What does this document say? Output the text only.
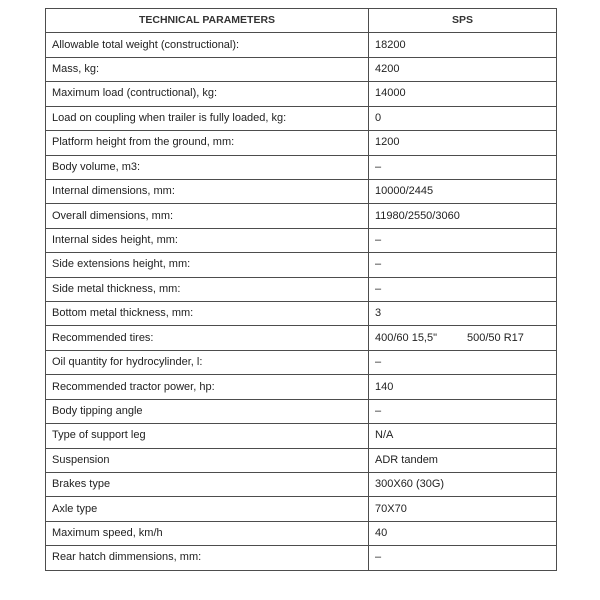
TECHNICAL PARAMETERS	SPS
Allowable total weight (constructional):	18200
Mass, kg:	4200
Maximum load (contructional), kg:	14000
Load on coupling when trailer is fully loaded, kg:	0
Platform height from the ground, mm:	1200
Body volume, m3:	–
Internal dimensions, mm:	10000/2445
Overall dimensions, mm:	11980/2550/3060
Internal sides height, mm:	–
Side extensions height, mm:	–
Side metal thickness, mm:	–
Bottom metal thickness, mm:	3
Recommended tires:	400/60 15,5" 500/50 R17
Oil quantity for hydrocylinder, l:	–
Recommended tractor power, hp:	140
Body tipping angle	–
Type of support leg	N/A
Suspension	ADR tandem
Brakes type	300X60 (30G)
Axle type	70X70
Maximum speed, km/h	40
Rear hatch dimmensions, mm:	–
